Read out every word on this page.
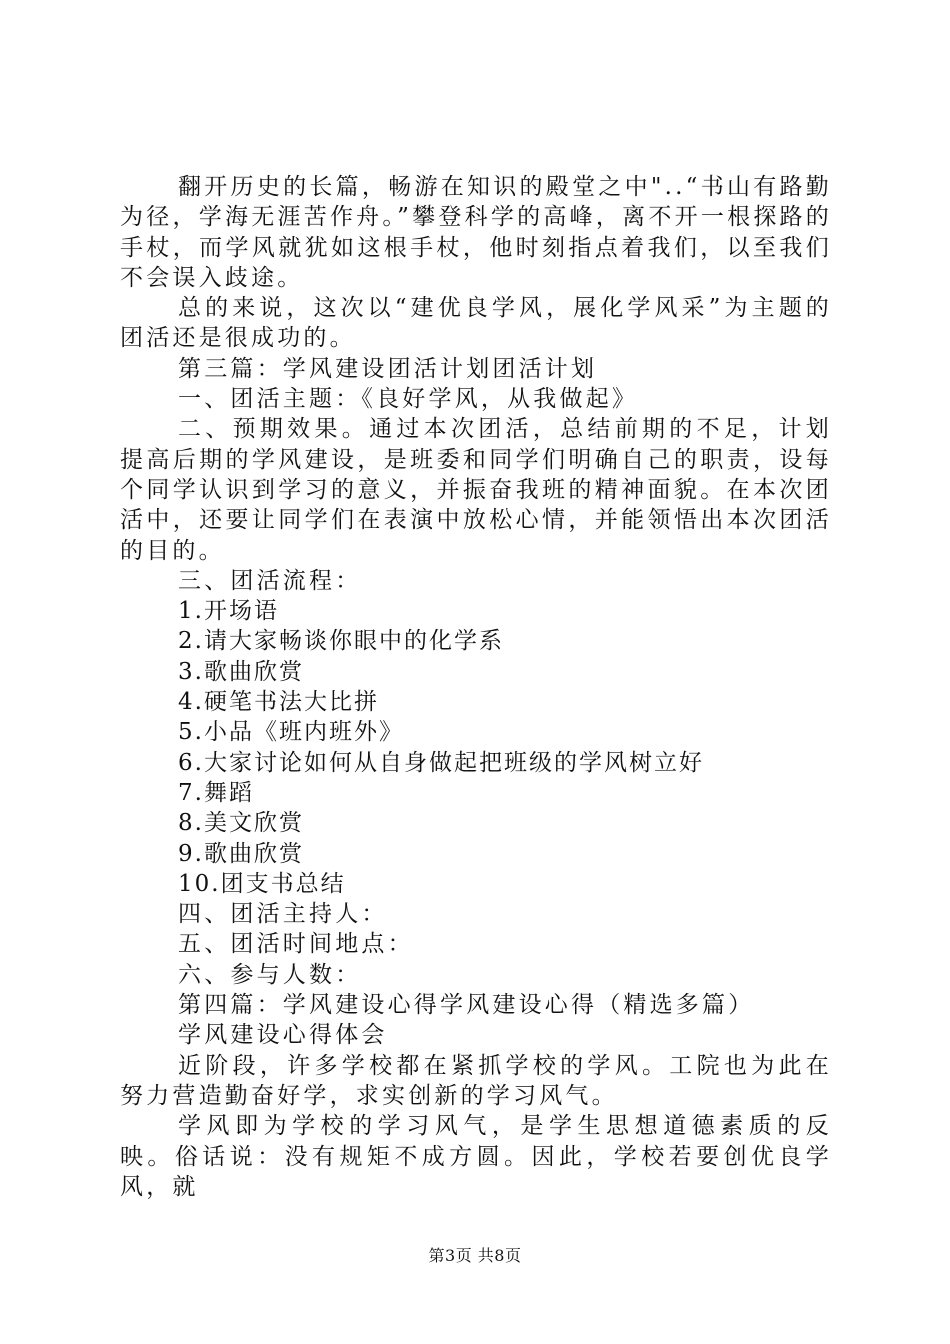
翻开历史的长篇，畅游在知识的殿堂之中"..“书山有路勤为径，学海无涯苦作舟。”攀登科学的高峰，离不开一根探路的手杖，而学风就犹如这根手杖，他时刻指点着我们，以至我们不会误入歧途。

总的来说，这次以“建优良学风，展化学风采”为主题的团活还是很成功的。

第三篇：学风建设团活计划团活计划

一、团活主题：《良好学风，从我做起》

二、预期效果。通过本次团活，总结前期的不足，计划提高后期的学风建设，是班委和同学们明确自己的职责，设每个同学认识到学习的意义，并振奋我班的精神面貌。在本次团活中，还要让同学们在表演中放松心情，并能领悟出本次团活的目的。

三、团活流程：

1.开场语

2.请大家畅谈你眼中的化学系

3.歌曲欣赏

4.硬笔书法大比拼

5.小品《班内班外》

6.大家讨论如何从自身做起把班级的学风树立好

7.舞蹈

8.美文欣赏

9.歌曲欣赏

10.团支书总结

四、团活主持人：

五、团活时间地点：

六、参与人数：

第四篇：学风建设心得学风建设心得（精选多篇）

学风建设心得体会

近阶段，许多学校都在紧抓学校的学风。工院也为此在努力营造勤奋好学，求实创新的学习风气。

学风即为学校的学习风气，是学生思想道德素质的反映。俗话说：没有规矩不成方圆。因此，学校若要创优良学风，就

第3页 共8页
